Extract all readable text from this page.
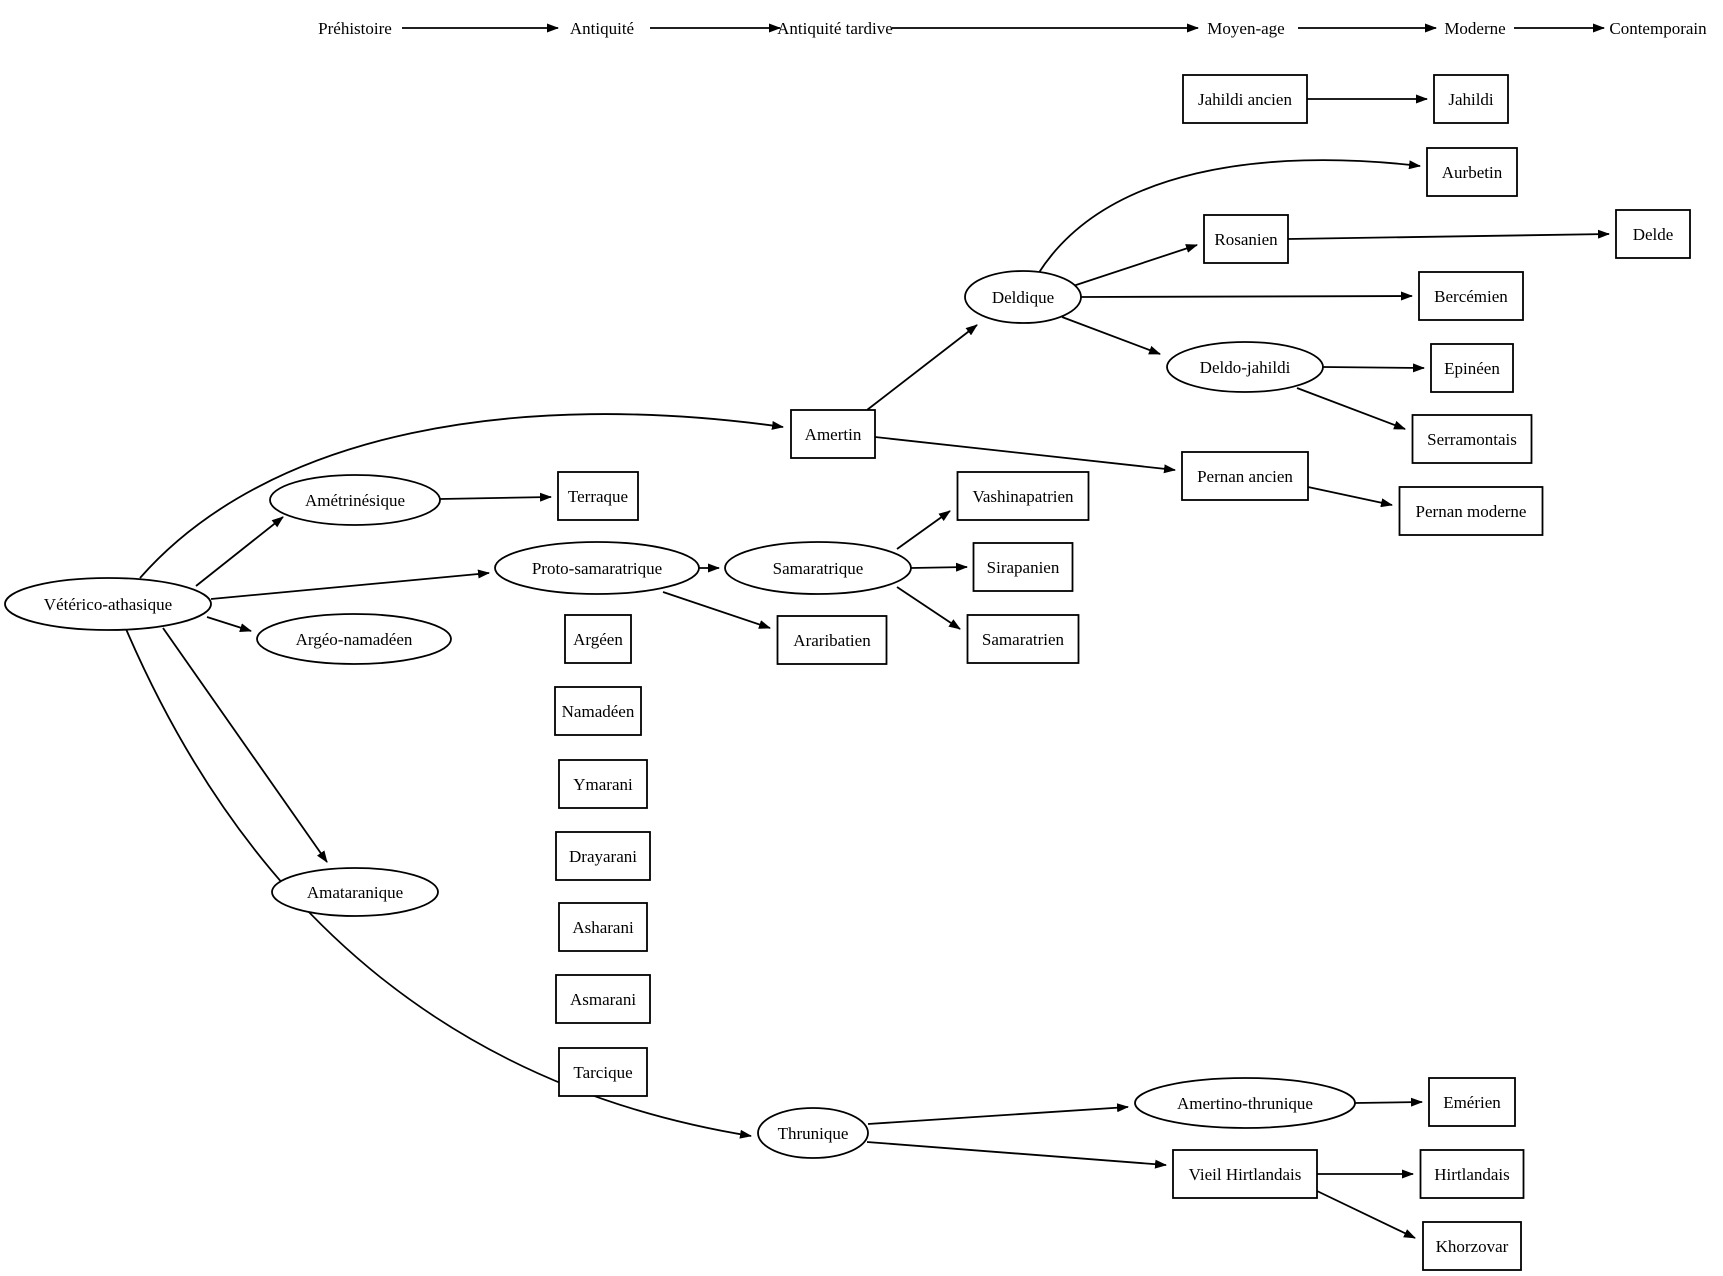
Préhistoire	Antiquité	Antiquité tardive	Moyen-age	Moderne	Contemporain
Vétérico-athasique
Amétrinésique
Proto-samaratrique	Samaratrique
Argéo-namadéen
Amataranique
Thrunique
Deldique
Deldo-jahildi
Amertino-thrunique
Amertin
Terraque
Argéen
Namadéen
Ymarani
Drayarani
Asharani
Asmarani
Tarcique
Vashinapatrien
Sirapanien
Samaratrien
Araribatien
Jahildi ancien	Jahildi
Aurbetin
Rosanien	Delde
Bercémien
Epinéen
Serramontais
Pernan ancien
Pernan moderne
Emérien
Vieil Hirtlandais	Hirtlandais
Khorzovar
